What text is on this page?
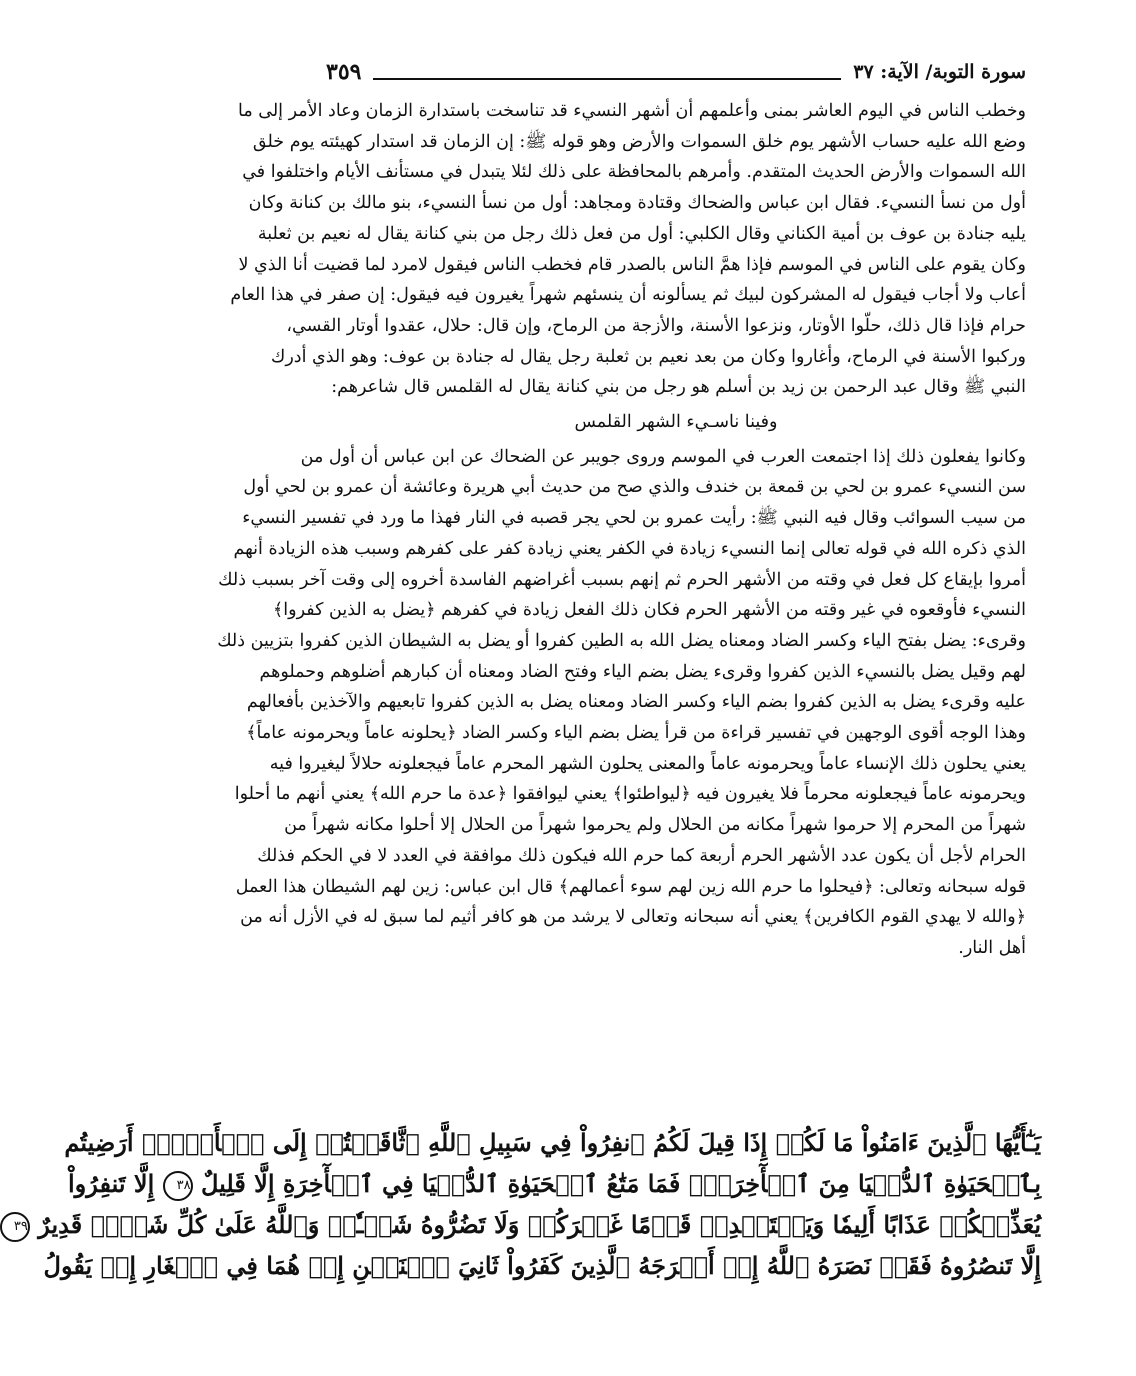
سورة التوبة/ الآية: ٣٧
٣٥٩
وخطب الناس في اليوم العاشر بمنى وأعلمهم أن أشهر النسيء قد تناسخت باستدارة الزمان وعاد الأمر إلى ما
وضع الله عليه حساب الأشهر يوم خلق السموات والأرض وهو قوله ﷺ: إن الزمان قد استدار كهيئته يوم خلق
الله السموات والأرض الحديث المتقدم. وأمرهم بالمحافظة على ذلك لئلا يتبدل في مستأنف الأيام واختلفوا في
أول من نسأ النسيء. فقال ابن عباس والضحاك وقتادة ومجاهد: أول من نسأ النسيء، بنو مالك بن كنانة وكان
يليه جنادة بن عوف بن أمية الكناني وقال الكلبي: أول من فعل ذلك رجل من بني كنانة يقال له نعيم بن ثعلبة
وكان يقوم على الناس في الموسم فإذا همَّ الناس بالصدر قام فخطب الناس فيقول لامرد لما قضيت أنا الذي لا
أعاب ولا أجاب فيقول له المشركون لبيك ثم يسألونه أن ينسئهم شهراً يغيرون فيه فيقول: إن صفر في هذا العام
حرام فإذا قال ذلك، حلّوا الأوتار، ونزعوا الأسنة، والأزجة من الرماح، وإن قال: حلال، عقدوا أوتار القسي،
وركبوا الأسنة في الرماح، وأغاروا وكان من بعد نعيم بن ثعلبة رجل يقال له جنادة بن عوف: وهو الذي أدرك
النبي ﷺ وقال عبد الرحمن بن زيد بن أسلم هو رجل من بني كنانة يقال له القلمس قال شاعرهم:
وفينا ناسـيء الشهر القلمس
وكانوا يفعلون ذلك إذا اجتمعت العرب في الموسم وروى جويبر عن الضحاك عن ابن عباس أن أول من
سن النسيء عمرو بن لحي بن قمعة بن خندف والذي صح من حديث أبي هريرة وعائشة أن عمرو بن لحي أول
من سيب السوائب وقال فيه النبي ﷺ: رأيت عمرو بن لحي يجر قصبه في النار فهذا ما ورد في تفسير النسيء
الذي ذكره الله في قوله تعالى إنما النسيء زيادة في الكفر يعني زيادة كفر على كفرهم وسبب هذه الزيادة أنهم
أمروا بإيقاع كل فعل في وقته من الأشهر الحرم ثم إنهم بسبب أغراضهم الفاسدة أخروه إلى وقت آخر بسبب ذلك
النسيء فأوقعوه في غير وقته من الأشهر الحرم فكان ذلك الفعل زيادة في كفرهم ﴿يضل به الذين كفروا﴾
وقرىء: يضل بفتح الياء وكسر الضاد ومعناه يضل الله به الطين كفروا أو يضل به الشيطان الذين كفروا بتزيين ذلك
لهم وقيل يضل بالنسيء الذين كفروا وقرىء يضل بضم الياء وفتح الضاد ومعناه أن كبارهم أضلوهم وحملوهم
عليه وقرىء يضل به الذين كفروا بضم الياء وكسر الضاد ومعناه يضل به الذين كفروا تابعيهم والآخذين بأفعالهم
وهذا الوجه أقوى الوجهين في تفسير قراءة من قرأ يضل بضم الياء وكسر الضاد ﴿يحلونه عاماً ويحرمونه عاماً﴾
يعني يحلون ذلك الإنساء عاماً ويحرمونه عاماً والمعنى يحلون الشهر المحرم عاماً فيجعلونه حلالاً ليغيروا فيه
ويحرمونه عاماً فيجعلونه محرماً فلا يغيرون فيه ﴿ليواطئوا﴾ يعني ليوافقوا ﴿عدة ما حرم الله﴾ يعني أنهم ما أحلوا
شهراً من المحرم إلا حرموا شهراً مكانه من الحلال ولم يحرموا شهراً من الحلال إلا أحلوا مكانه شهراً من
الحرام لأجل أن يكون عدد الأشهر الحرم أربعة كما حرم الله فيكون ذلك موافقة في العدد لا في الحكم فذلك
قوله سبحانه وتعالى: ﴿فيحلوا ما حرم الله زين لهم سوء أعمالهم﴾ قال ابن عباس: زين لهم الشيطان هذا العمل
﴿والله لا يهدي القوم الكافرين﴾ يعني أنه سبحانه وتعالى لا يرشد من هو كافر أثيم لما سبق له في الأزل أنه من
أهل النار.
يَـٰٓأَيُّهَا ٱلَّذِينَ ءَامَنُواْ مَا لَكُمۡ إِذَا قِيلَ لَكُمُ ٱنفِرُواْ فِي سَبِيلِ ٱللَّهِ ٱثَّاقَلۡتُمۡ إِلَى ٱلۡأَرۡضِۚ أَرَضِيتُم
بِٱلۡحَيَوٰةِ ٱلدُّنۡيَا مِنَ ٱلۡأٓخِرَةِۚ فَمَا مَتَٰعُ ٱلۡحَيَوٰةِ ٱلدُّنۡيَا فِي ٱلۡأٓخِرَةِ إِلَّا قَلِيلٌ ٣٨ إِلَّا تَنفِرُواْ
يُعَذِّبۡكُمۡ عَذَابًا أَلِيمٗا وَيَسۡتَبۡدِلۡ قَوۡمًا غَيۡرَكُمۡ وَلَا تَضُرُّوهُ شَيۡـٔٗاۗ وَٱللَّهُ عَلَىٰ كُلِّ شَيۡءٖ قَدِيرٌ ٣٩
إِلَّا تَنصُرُوهُ فَقَدۡ نَصَرَهُ ٱللَّهُ إِذۡ أَخۡرَجَهُ ٱلَّذِينَ كَفَرُواْ ثَانِيَ ٱثۡنَيۡنِ إِذۡ هُمَا فِي ٱلۡغَارِ إِذۡ يَقُولُ
